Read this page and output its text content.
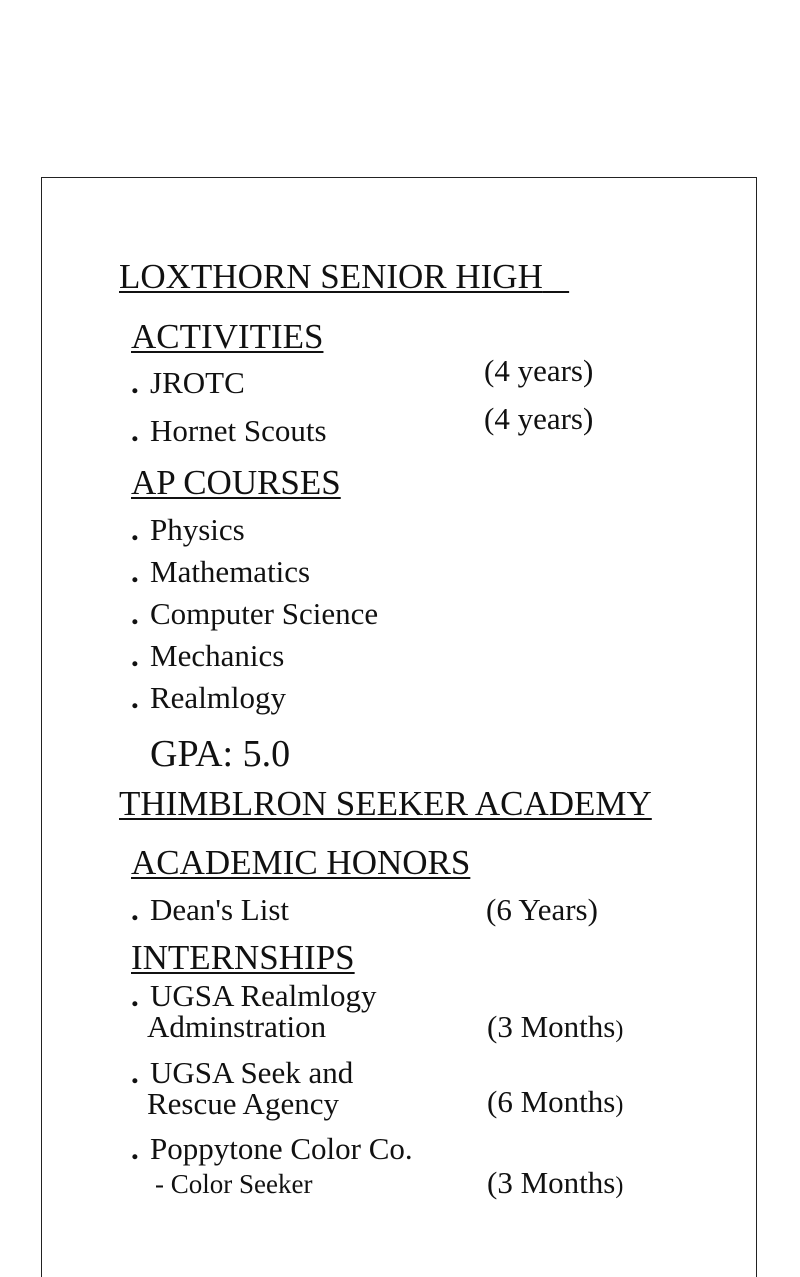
LOXTHORN SENIOR HIGH
ACTIVITIES
. JROTC	(4 years)
. Hornet Scouts	(4 years)
AP COURSES
. Physics
. Mathematics
. Computer Science
. Mechanics
. Realmlogy
GPA: 5.0
THIMBLRON SEEKER ACADEMY
ACADEMIC HONORS
. Dean's List	(6 Years)
INTERNSHIPS
. UGSA Realmlogy
Adminstration	(3 Months)
. UGSA Seek and
Rescue Agency	(6 Months)
. Poppytone Color Co.
- Color Seeker	(3 Months)
